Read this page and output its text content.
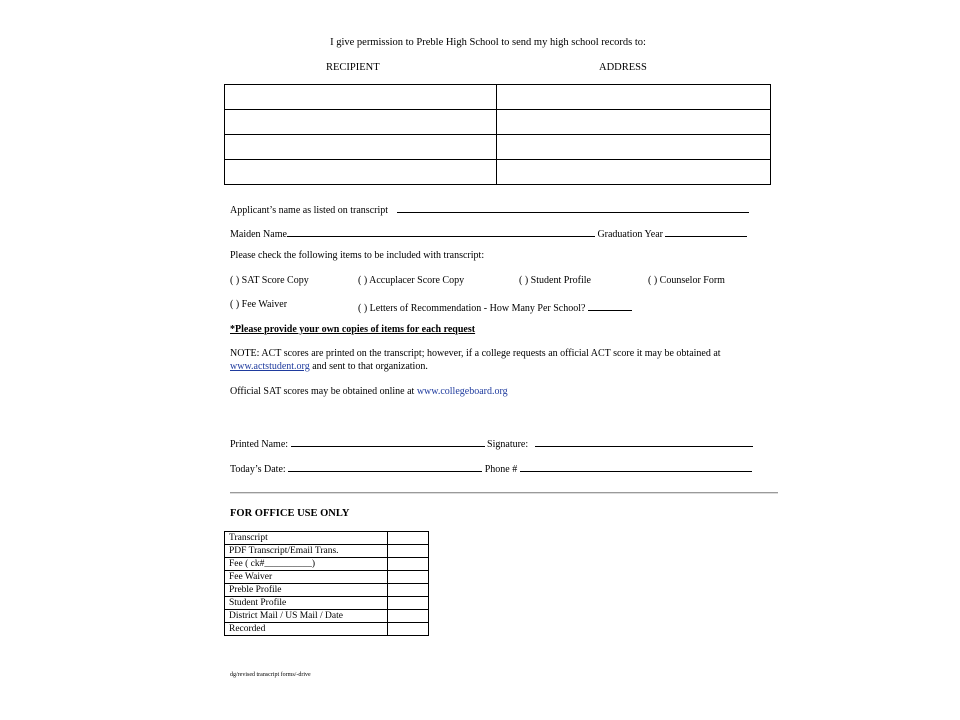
I give permission to Preble High School to send my high school records to:
RECIPIENT	ADDRESS

Applicant’s name as listed on transcript
Maiden Name	Graduation Year
Please check the following items to be included with transcript:
( ) SAT Score Copy	( ) Accuplacer Score Copy	( ) Student Profile	( ) Counselor Form
( ) Fee Waiver	( ) Letters of Recommendation - How Many Per School?
*Please provide your own copies of items for each request
NOTE: ACT scores are printed on the transcript; however, if a college requests an official ACT score it may be obtained at
www.actstudent.org and sent to that organization.
Official SAT scores may be obtained online at www.collegeboard.org
Printed Name:	Signature:
Today’s Date:	Phone #
FOR OFFICE USE ONLY
Transcript	
PDF Transcript/Email Trans.	
Fee ( ck#__________)	
Fee Waiver	
Preble Profile	
Student Profile	
District Mail / US Mail / Date	
Recorded	
dg/revised transcript forms/-drive
